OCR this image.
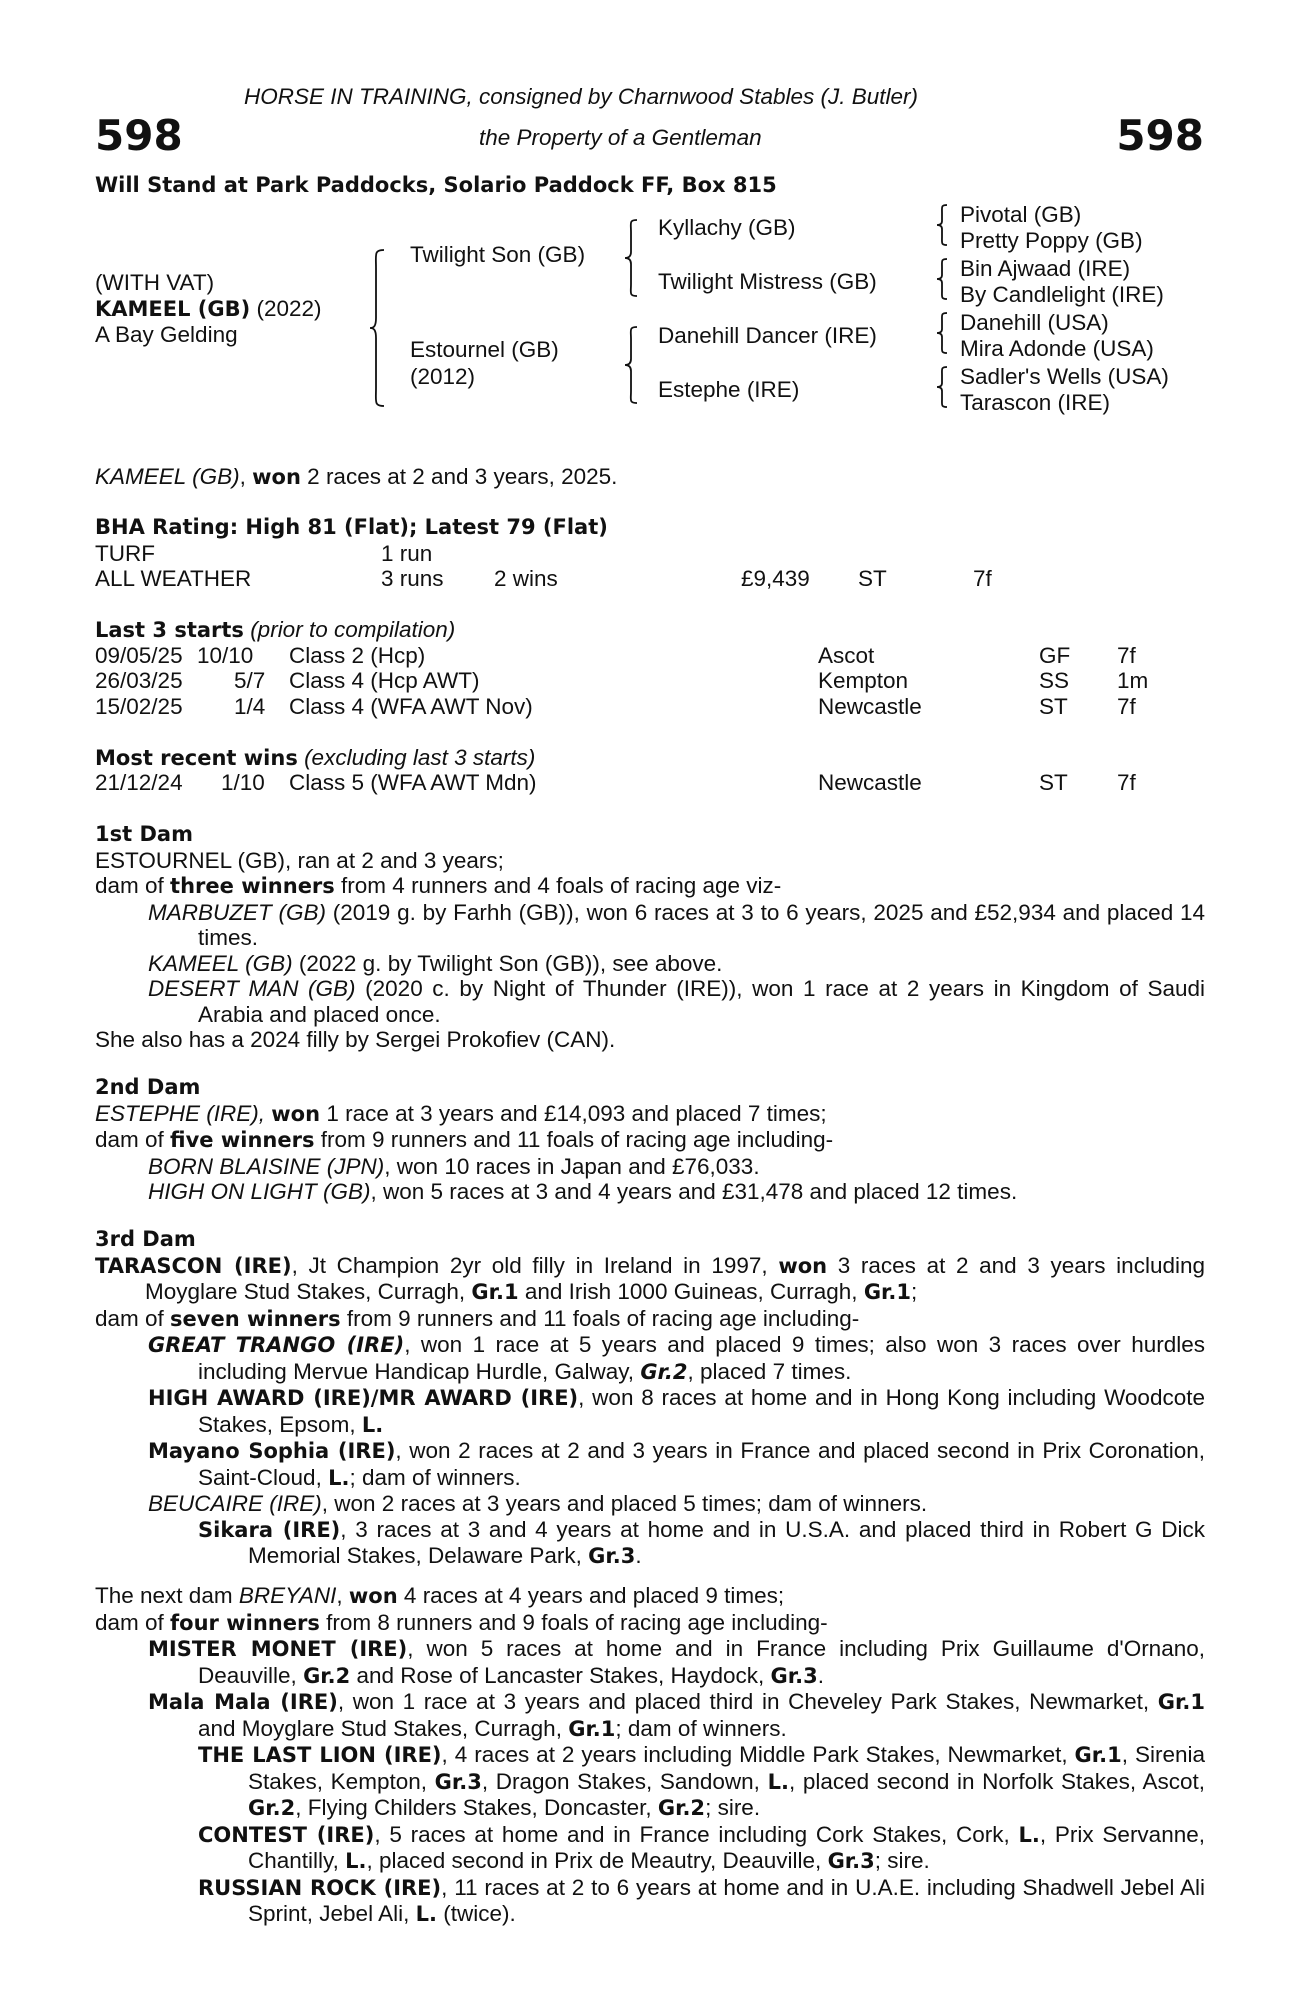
HORSE IN TRAINING, consigned by Charnwood Stables (J. Butler)
598	the Property of a Gentleman	598
Will Stand at Park Paddocks, Solario Paddock FF, Box 815
(WITH VAT)
KAMEEL (GB) (2022)
A Bay Gelding
Twilight Son (GB)
Estournel (GB)
(2012)
Kyllachy (GB)
Twilight Mistress (GB)
Danehill Dancer (IRE)
Estephe (IRE)
Pivotal (GB)
Pretty Poppy (GB)
Bin Ajwaad (IRE)
By Candlelight (IRE)
Danehill (USA)
Mira Adonde (USA)
Sadler's Wells (USA)
Tarascon (IRE)
KAMEEL (GB), won 2 races at 2 and 3 years, 2025.
BHA Rating: High 81 (Flat); Latest 79 (Flat)
TURF	1 run
ALL WEATHER	3 runs 2 wins	£9,439 ST	7f
Last 3 starts (prior to compilation)
09/05/25 10/10 Class 2 (Hcp)	Ascot	GF 7f
26/03/25 5/7 Class 4 (Hcp AWT)	Kempton	SS 1m
15/02/25 1/4 Class 4 (WFA AWT Nov)	Newcastle	ST 7f
Most recent wins (excluding last 3 starts)
21/12/24 1/10 Class 5 (WFA AWT Mdn)	Newcastle	ST 7f

1st Dam

ESTOURNEL (GB), ran at 2 and 3 years;

dam of three winners from 4 runners and 4 foals of racing age viz-

MARBUZET (GB) (2019 g. by Farhh (GB)), won 6 races at 3 to 6 years, 2025 and £52,934 and placed 14 times.

KAMEEL (GB) (2022 g. by Twilight Son (GB)), see above.

DESERT MAN (GB) (2020 c. by Night of Thunder (IRE)), won 1 race at 2 years in Kingdom of Saudi Arabia and placed once.

She also has a 2024 filly by Sergei Prokofiev (CAN).

2nd Dam

ESTEPHE (IRE), won 1 race at 3 years and £14,093 and placed 7 times;

dam of five winners from 9 runners and 11 foals of racing age including-

BORN BLAISINE (JPN), won 10 races in Japan and £76,033.

HIGH ON LIGHT (GB), won 5 races at 3 and 4 years and £31,478 and placed 12 times.

3rd Dam

TARASCON (IRE), Jt Champion 2yr old filly in Ireland in 1997, won 3 races at 2 and 3 years including Moyglare Stud Stakes, Curragh, Gr.1 and Irish 1000 Guineas, Curragh, Gr.1;

dam of seven winners from 9 runners and 11 foals of racing age including-

GREAT TRANGO (IRE), won 1 race at 5 years and placed 9 times; also won 3 races over hurdles including Mervue Handicap Hurdle, Galway, Gr.2, placed 7 times.

HIGH AWARD (IRE)/MR AWARD (IRE), won 8 races at home and in Hong Kong including Woodcote Stakes, Epsom, L.

Mayano Sophia (IRE), won 2 races at 2 and 3 years in France and placed second in Prix Coronation, Saint-Cloud, L.; dam of winners.

BEUCAIRE (IRE), won 2 races at 3 years and placed 5 times; dam of winners.

Sikara (IRE), 3 races at 3 and 4 years at home and in U.S.A. and placed third in Robert G Dick Memorial Stakes, Delaware Park, Gr.3.

The next dam BREYANI, won 4 races at 4 years and placed 9 times;

dam of four winners from 8 runners and 9 foals of racing age including-

MISTER MONET (IRE), won 5 races at home and in France including Prix Guillaume d'Ornano, Deauville, Gr.2 and Rose of Lancaster Stakes, Haydock, Gr.3.

Mala Mala (IRE), won 1 race at 3 years and placed third in Cheveley Park Stakes, Newmarket, Gr.1 and Moyglare Stud Stakes, Curragh, Gr.1; dam of winners.

THE LAST LION (IRE), 4 races at 2 years including Middle Park Stakes, Newmarket, Gr.1, Sirenia Stakes, Kempton, Gr.3, Dragon Stakes, Sandown, L., placed second in Norfolk Stakes, Ascot, Gr.2, Flying Childers Stakes, Doncaster, Gr.2; sire.

CONTEST (IRE), 5 races at home and in France including Cork Stakes, Cork, L., Prix Servanne, Chantilly, L., placed second in Prix de Meautry, Deauville, Gr.3; sire.

RUSSIAN ROCK (IRE), 11 races at 2 to 6 years at home and in U.A.E. including Shadwell Jebel Ali Sprint, Jebel Ali, L. (twice).
